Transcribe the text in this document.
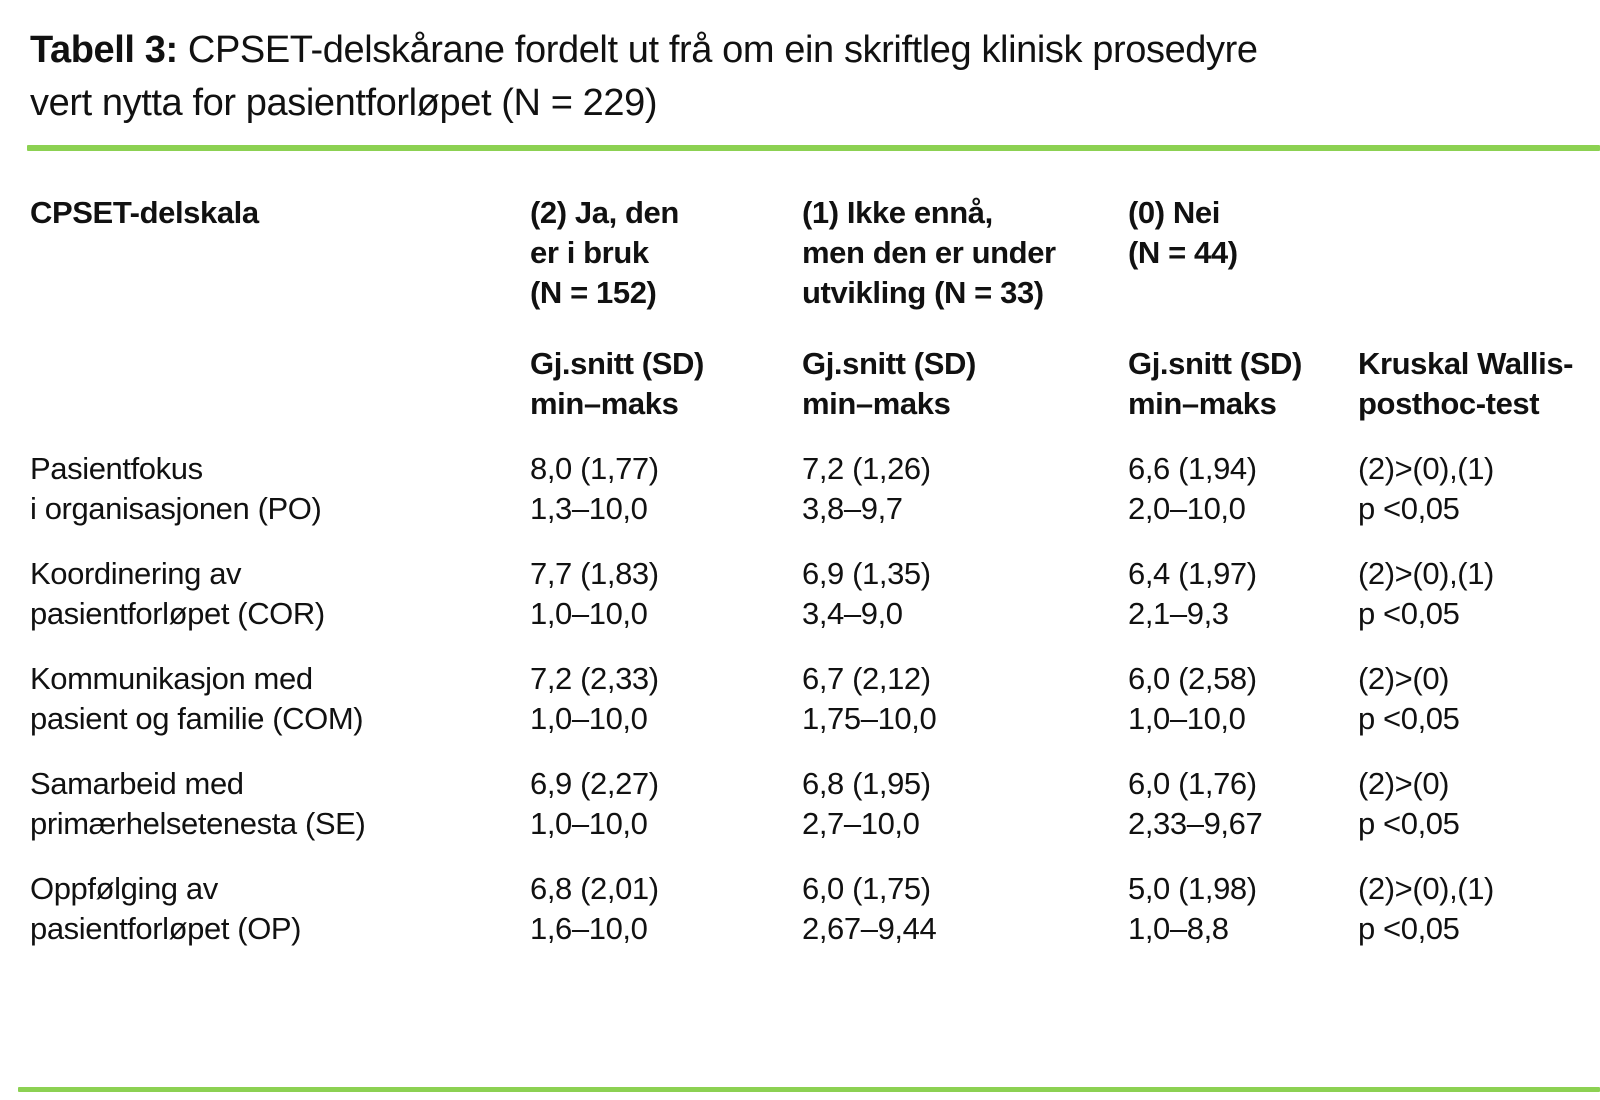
Tabell 3: CPSET-delskårane fordelt ut frå om ein skriftleg klinisk prosedyre
vert nytta for pasientforløpet (N = 229)
CPSET-delskala	(2) Ja, den
er i bruk
(N = 152)
(1) Ikke ennå,
men den er under
utvikling (N = 33)
(0) Nei
(N = 44)
Gj.snitt (SD)
min–maks
Gj.snitt (SD)
min–maks
Gj.snitt (SD)
min–maks
Kruskal Wallis-
posthoc-test
Pasientfokus
i organisasjonen (PO)
8,0 (1,77)
1,3–10,0
7,2 (1,26)
3,8–9,7
6,6 (1,94)
2,0–10,0
(2)>(0),(1)
p <0,05
Koordinering av
pasientforløpet (COR)
7,7 (1,83)
1,0–10,0
6,9 (1,35)
3,4–9,0
6,4 (1,97)
2,1–9,3
(2)>(0),(1)
p <0,05
Kommunikasjon med
pasient og familie (COM)
7,2 (2,33)
1,0–10,0
6,7 (2,12)
1,75–10,0
6,0 (2,58)
1,0–10,0
(2)>(0)
p <0,05
Samarbeid med
primærhelsetenesta (SE)
6,9 (2,27)
1,0–10,0
6,8 (1,95)
2,7–10,0
6,0 (1,76)
2,33–9,67
(2)>(0)
p <0,05
Oppfølging av
pasientforløpet (OP)
6,8 (2,01)
1,6–10,0
6,0 (1,75)
2,67–9,44
5,0 (1,98)
1,0–8,8
(2)>(0),(1)
p <0,05
